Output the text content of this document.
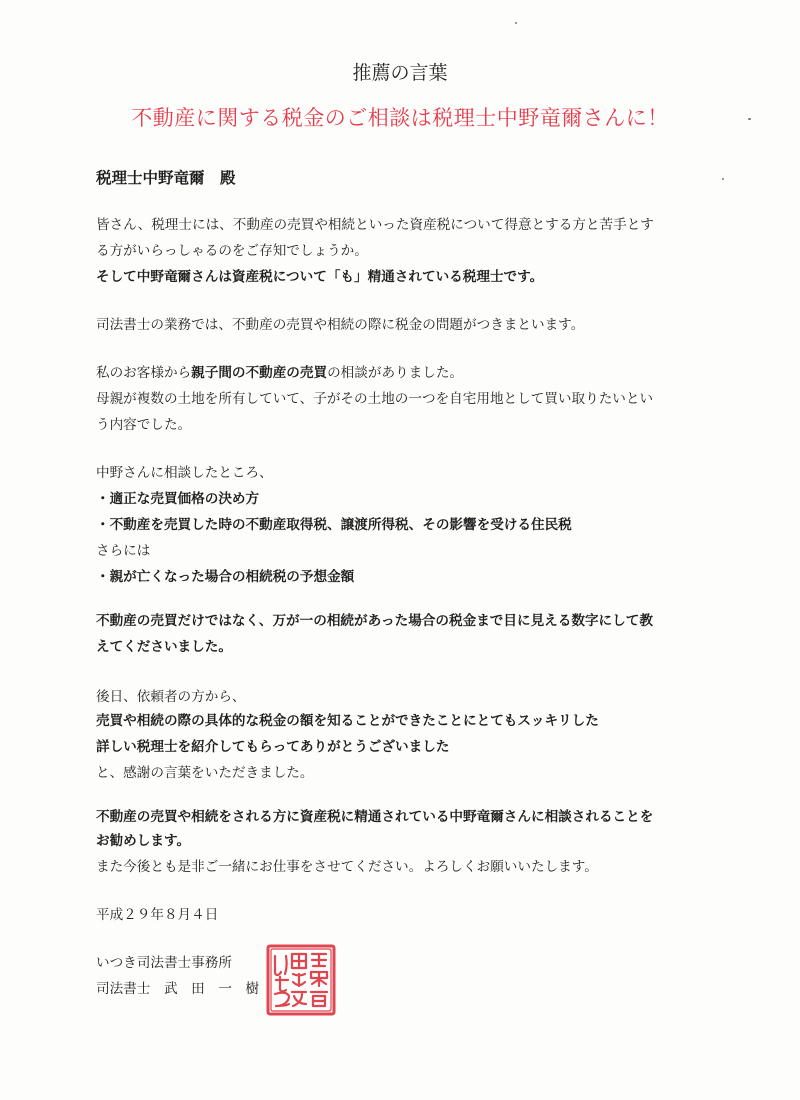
推薦の言葉
不動産に関する税金のご相談は税理士中野竜爾さんに！
税理士中野竜爾　殿
皆さん、税理士には、不動産の売買や相続といった資産税について得意とする方と苦手とす
る方がいらっしゃるのをご存知でしょうか。
そして中野竜爾さんは資産税について「も」精通されている税理士です。
司法書士の業務では、不動産の売買や相続の際に税金の問題がつきまといます。
私のお客様から親子間の不動産の売買の相談がありました。
母親が複数の土地を所有していて、子がその土地の一つを自宅用地として買い取りたいとい
う内容でした。
中野さんに相談したところ、
・適正な売買価格の決め方
・不動産を売買した時の不動産取得税、譲渡所得税、その影響を受ける住民税
さらには
・親が亡くなった場合の相続税の予想金額
不動産の売買だけではなく、万が一の相続があった場合の税金まで目に見える数字にして教
えてくださいました。
後日、依頼者の方から、
売買や相続の際の具体的な税金の額を知ることができたことにとてもスッキリした
詳しい税理士を紹介してもらってありがとうございました
と、感謝の言葉をいただきました。
不動産の売買や相続をされる方に資産税に精通されている中野竜爾さんに相談されることを
お勧めします。
また今後とも是非ご一緒にお仕事をさせてください。よろしくお願いいたします。
平成２９年８月４日
いつき司法書士事務所
司法書士　武　田　一　樹
